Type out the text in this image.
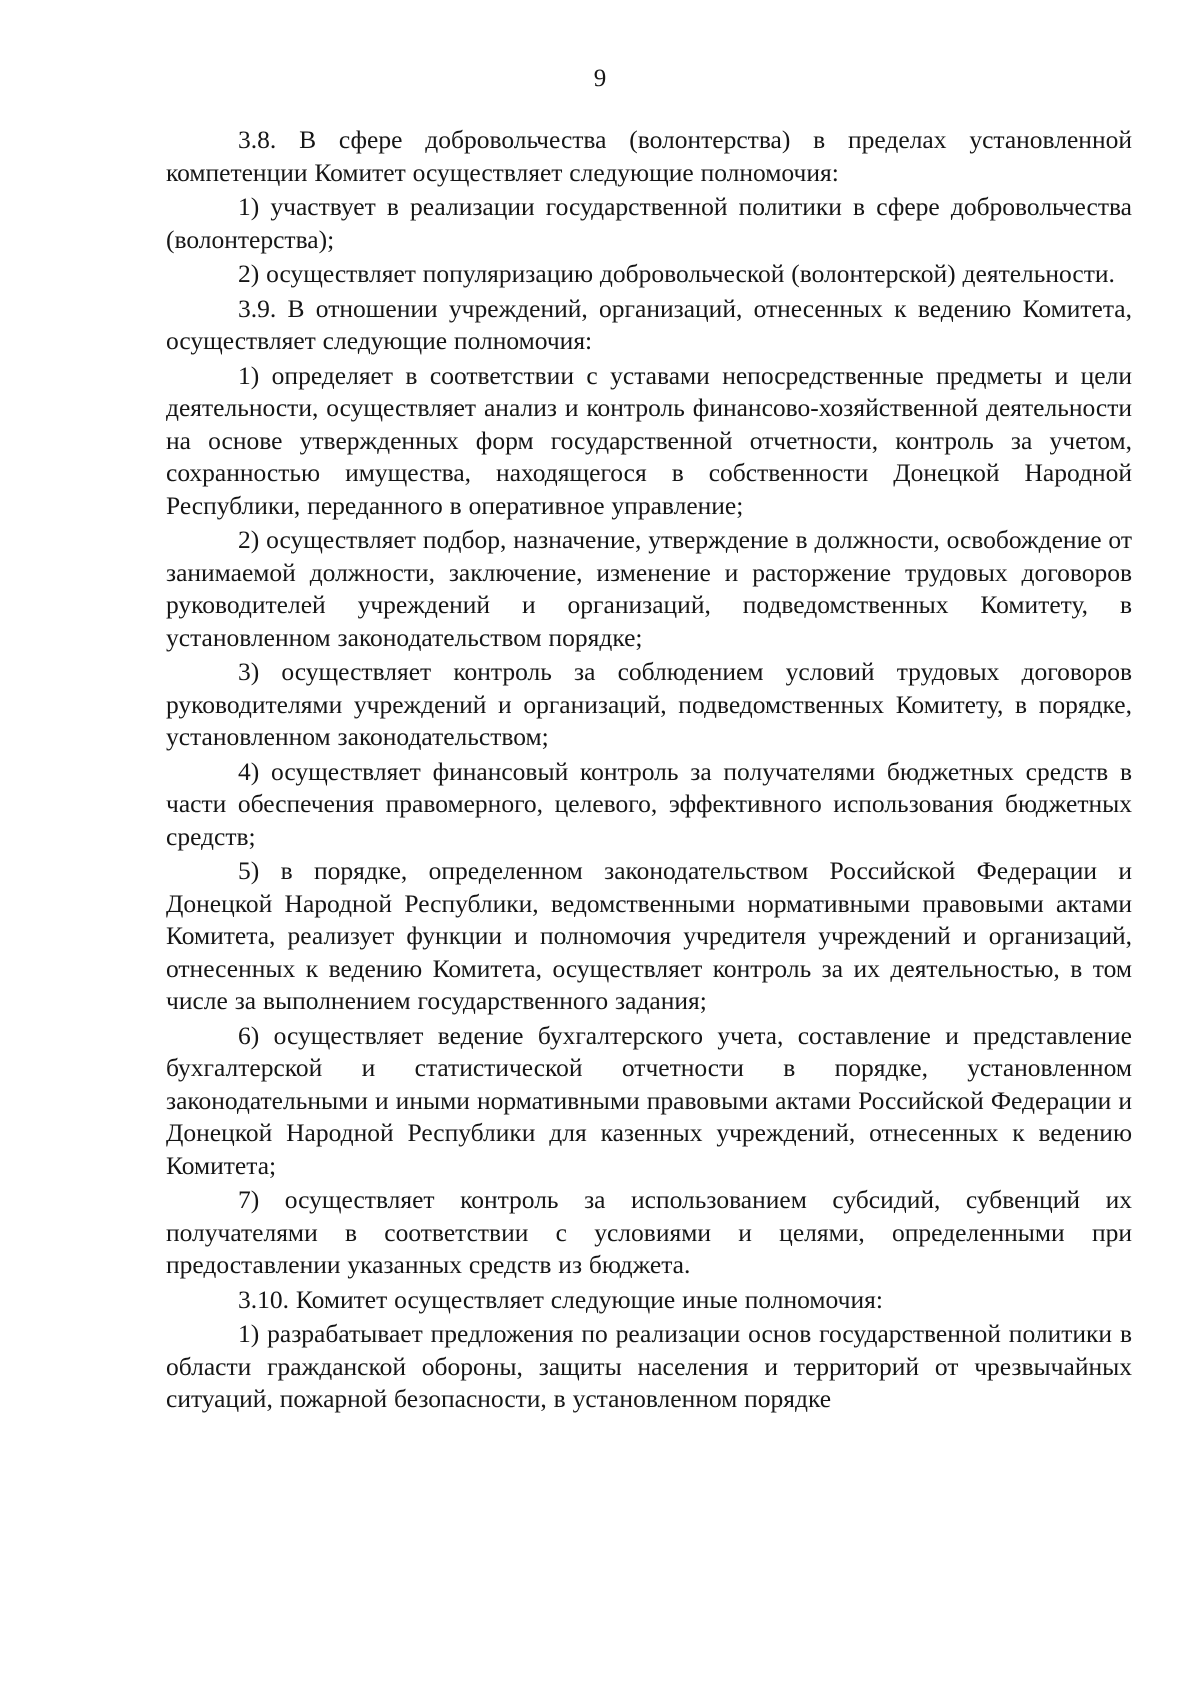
9

3.8. В сфере добровольчества (волонтерства) в пределах установленной компетенции Комитет осуществляет следующие полномочия:

1) участвует в реализации государственной политики в сфере добровольчества (волонтерства);

2) осуществляет популяризацию добровольческой (волонтерской) деятельности.

3.9. В отношении учреждений, организаций, отнесенных к ведению Комитета, осуществляет следующие полномочия:

1) определяет в соответствии с уставами непосредственные предметы и цели деятельности, осуществляет анализ и контроль финансово-хозяйственной деятельности на основе утвержденных форм государственной отчетности, контроль за учетом, сохранностью имущества, находящегося в собственности Донецкой Народной Республики, переданного в оперативное управление;

2) осуществляет подбор, назначение, утверждение в должности, освобождение от занимаемой должности, заключение, изменение и расторжение трудовых договоров руководителей учреждений и организаций, подведомственных Комитету, в установленном законодательством порядке;

3) осуществляет контроль за соблюдением условий трудовых договоров руководителями учреждений и организаций, подведомственных Комитету, в порядке, установленном законодательством;

4) осуществляет финансовый контроль за получателями бюджетных средств в части обеспечения правомерного, целевого, эффективного использования бюджетных средств;

5) в порядке, определенном законодательством Российской Федерации и Донецкой Народной Республики, ведомственными нормативными правовыми актами Комитета, реализует функции и полномочия учредителя учреждений и организаций, отнесенных к ведению Комитета, осуществляет контроль за их деятельностью, в том числе за выполнением государственного задания;

6) осуществляет ведение бухгалтерского учета, составление и представление бухгалтерской и статистической отчетности в порядке, установленном законодательными и иными нормативными правовыми актами Российской Федерации и Донецкой Народной Республики для казенных учреждений, отнесенных к ведению Комитета;

7) осуществляет контроль за использованием субсидий, субвенций их получателями в соответствии с условиями и целями, определенными при предоставлении указанных средств из бюджета.

3.10. Комитет осуществляет следующие иные полномочия:

1) разрабатывает предложения по реализации основ государственной политики в области гражданской обороны, защиты населения и территорий от чрезвычайных ситуаций, пожарной безопасности, в установленном порядке
